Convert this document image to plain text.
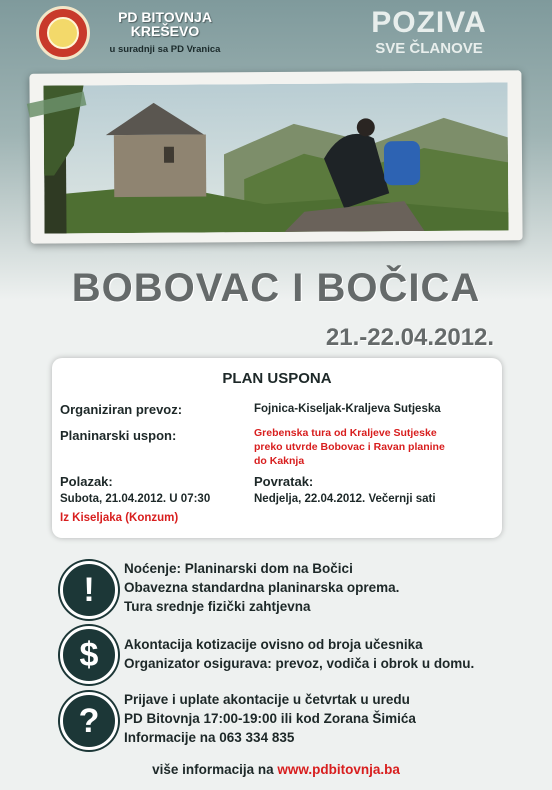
PD BITOVNJA
KREŠEVO
u suradnji sa PD Vranica
POZIVA
SVE ČLANOVE
BOBOVAC I BOČICA
21.-22.04.2012.
PLAN USPONA
Organiziran prevoz:	Fojnica-Kiseljak-Kraljeva Sutjeska
Planinarski uspon:	Grebenska tura od Kraljeve Sutjeske
preko utvrde Bobovac i Ravan planine
do Kaknja
Polazak:
Subota, 21.04.2012. U 07:30
Iz Kiseljaka (Konzum)
Povratak:
Nedjelja, 22.04.2012. Večernji sati
!
Noćenje: Planinarski dom na Bočici
Obavezna standardna planinarska oprema.
Tura srednje fizički zahtjevna
$	Akontacija kotizacije ovisno od broja učesnika
Organizator osigurava: prevoz, vodiča i obrok u domu.
?
Prijave i uplate akontacije u četvrtak u uredu
PD Bitovnja 17:00-19:00 ili kod Zorana Šimića
Informacije na 063 334 835
više informacija na www.pdbitovnja.ba
